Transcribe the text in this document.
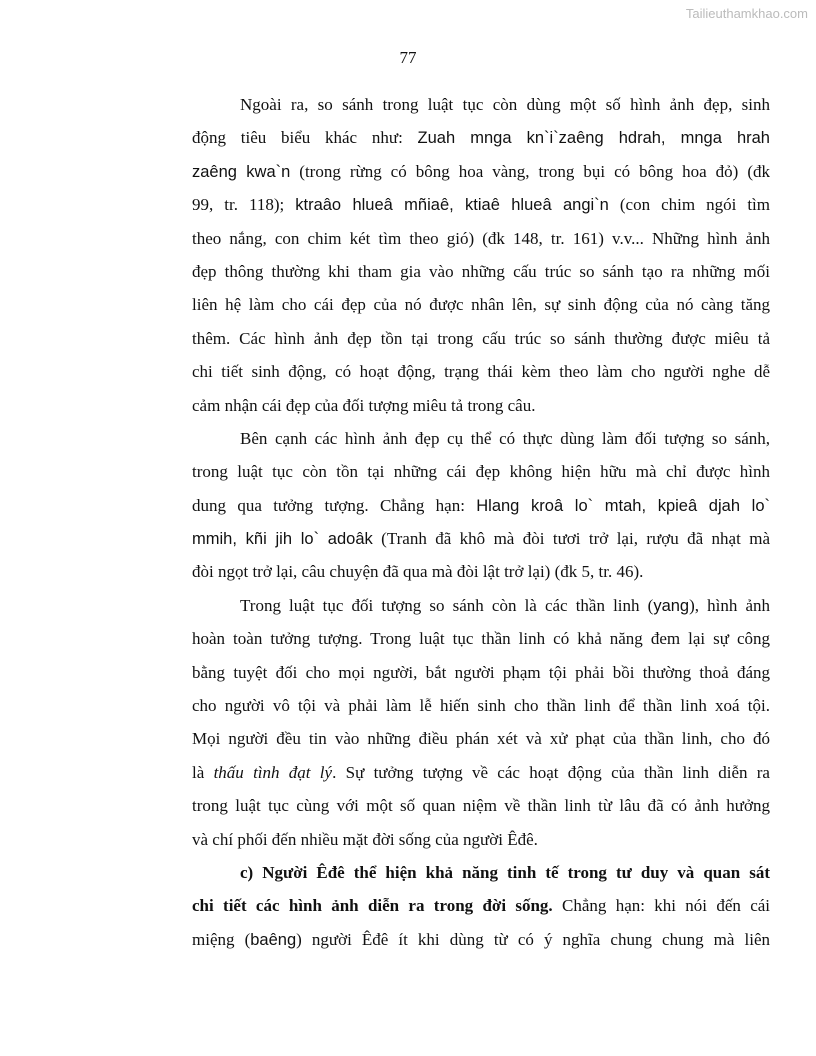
Tailieuthamkhao.com
77
Ngoài ra, so sánh trong luật tục còn dùng một số hình ảnh đẹp, sinh
động tiêu biểu khác như: Zuah mnga kn`i`zaêng hdrah, mnga hrah
zaêng kwa`n (trong rừng có bông hoa vàng, trong bụi có bông hoa đỏ) (đk
99, tr. 118); ktraâo hlueâ mñiaê, ktiaê hlueâ angi`n (con chim ngói tìm
theo nắng, con chim két tìm theo gió) (đk 148, tr. 161) v.v... Những hình ảnh
đẹp thông thường khi tham gia vào những cấu trúc so sánh tạo ra những mối
liên hệ làm cho cái đẹp của nó được nhân lên, sự sinh động của nó càng tăng
thêm. Các hình ảnh đẹp tồn tại trong cấu trúc so sánh thường được miêu tả
chi tiết sinh động, có hoạt động, trạng thái kèm theo làm cho người nghe dễ
cảm nhận cái đẹp của đối tượng miêu tả trong câu.
Bên cạnh các hình ảnh đẹp cụ thể có thực dùng làm đối tượng so sánh,
trong luật tục còn tồn tại những cái đẹp không hiện hữu mà chỉ được hình
dung qua tưởng tượng. Chẳng hạn: Hlang kroâ lo` mtah, kpieâ djah lo`
mmih, kñi jih lo` adoâk (Tranh đã khô mà đòi tươi trở lại, rượu đã nhạt mà
đòi ngọt trở lại, câu chuyện đã qua mà đòi lật trở lại) (đk 5, tr. 46).
Trong luật tục đối tượng so sánh còn là các thần linh (yang), hình ảnh
hoàn toàn tưởng tượng. Trong luật tục thần linh có khả năng đem lại sự công
bằng tuyệt đối cho mọi người, bắt người phạm tội phải bồi thường thoả đáng
cho người vô tội và phải làm lễ hiến sinh cho thần linh để thần linh xoá tội.
Mọi người đều tin vào những điều phán xét và xử phạt của thần linh, cho đó
là thấu tình đạt lý. Sự tưởng tượng về các hoạt động của thần linh diễn ra
trong luật tục cùng với một số quan niệm về thần linh từ lâu đã có ảnh hưởng
và chí phối đến nhiều mặt đời sống của người Êđê.
c) Người Êđê thể hiện khả năng tinh tế trong tư duy và quan sát
chi tiết các hình ảnh diễn ra trong đời sống. Chẳng hạn: khi nói đến cái
miệng (baêng) người Êđê ít khi dùng từ có ý nghĩa chung chung mà liên
